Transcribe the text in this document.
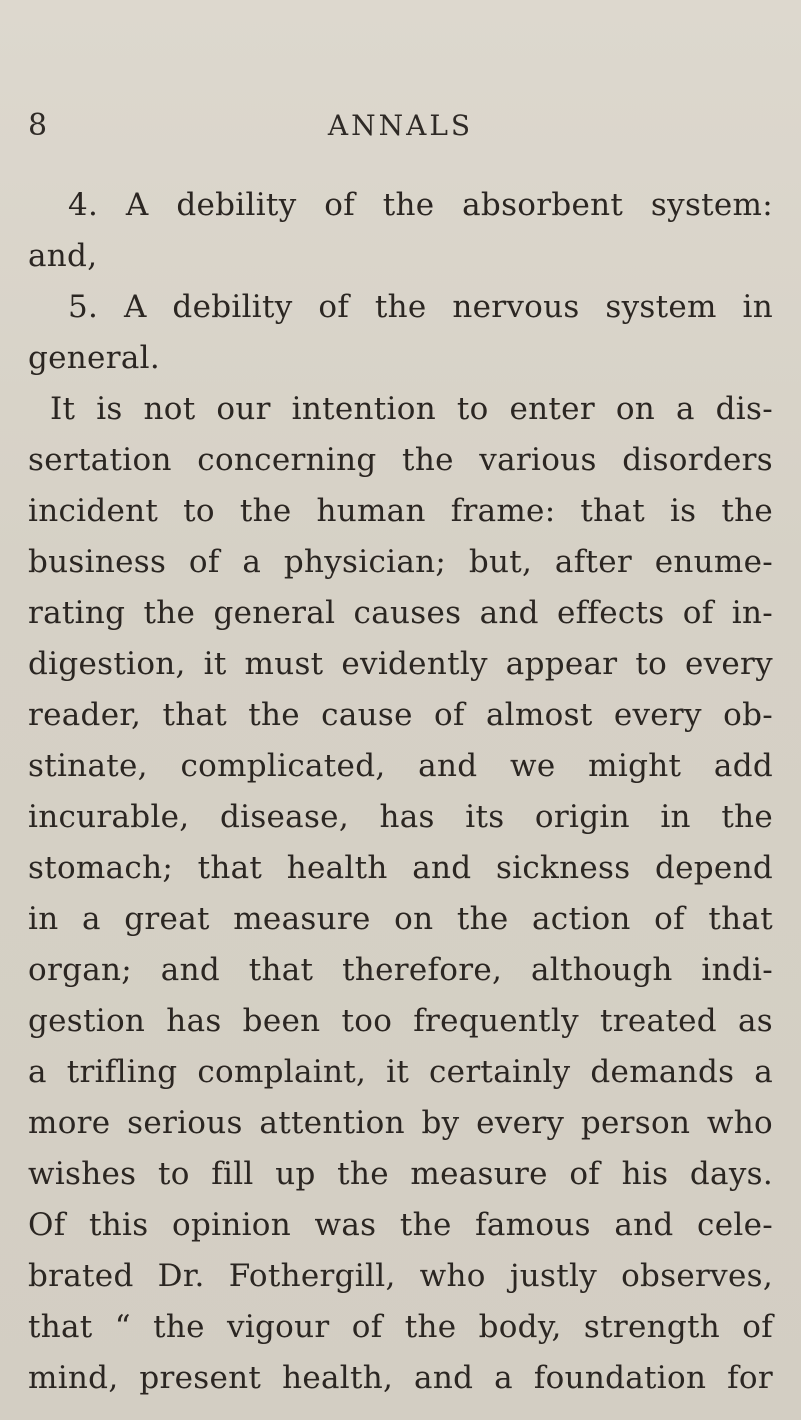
8	ANNALS
4. A debility of the absorbent system:
and,
5. A debility of the nervous system in
general.
It is not our intention to enter on a dis-
sertation concerning the various disorders
incident to the human frame: that is the
business of a physician; but, after enume-
rating the general causes and effects of in-
digestion, it must evidently appear to every
reader, that the cause of almost every ob-
stinate, complicated, and we might add
incurable, disease, has its origin in the
stomach; that health and sickness depend
in a great measure on the action of that
organ; and that therefore, although indi-
gestion has been too frequently treated as
a trifling complaint, it certainly demands a
more serious attention by every person who
wishes to fill up the measure of his days.
Of this opinion was the famous and cele-
brated Dr. Fothergill, who justly observes,
that “ the vigour of the body, strength of
mind, present health, and a foundation for
